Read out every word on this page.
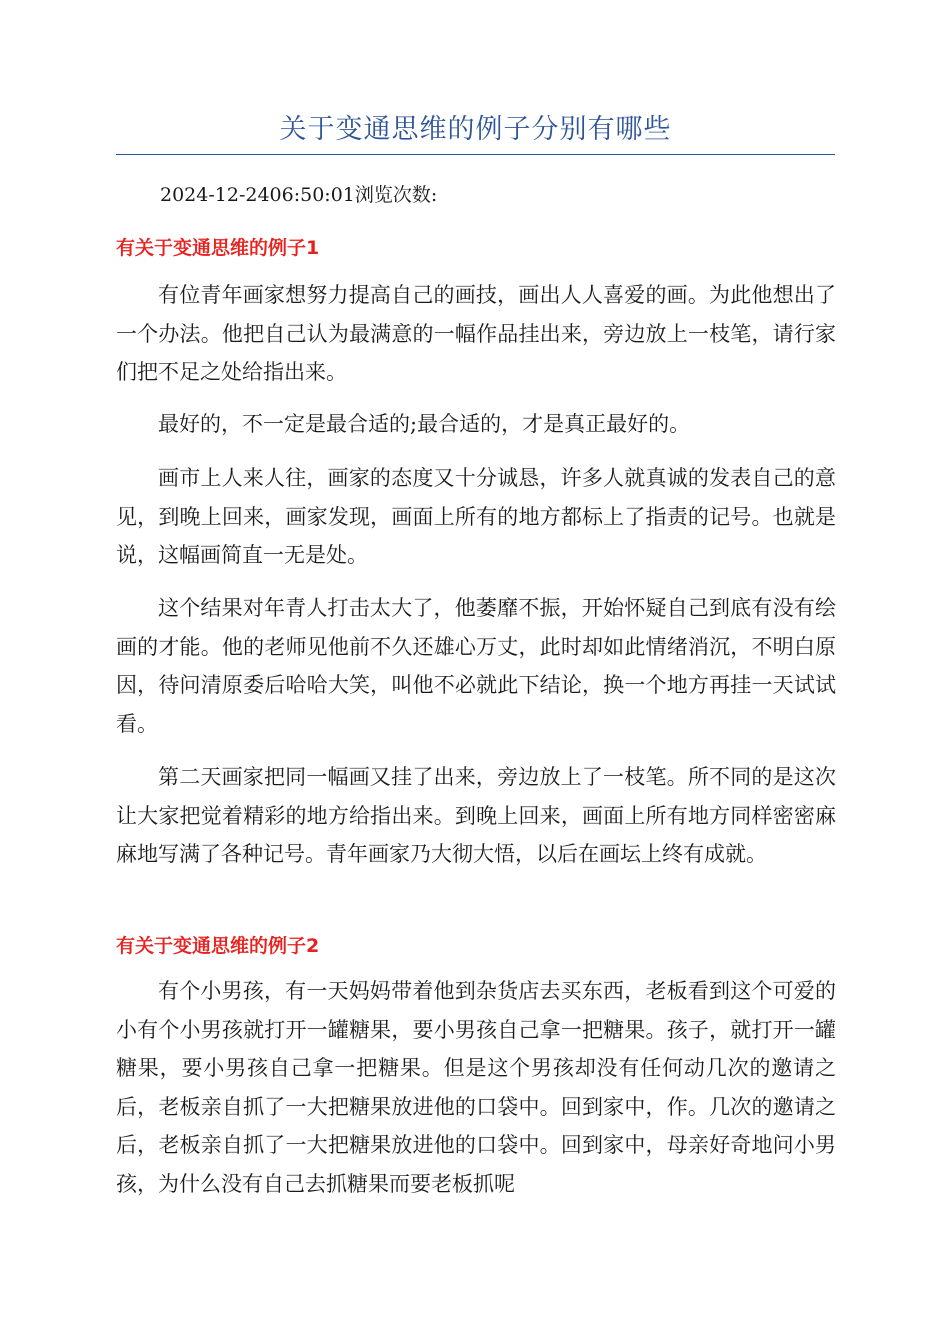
关于变通思维的例子分别有哪些
2024-12-2406:50:01浏览次数:
有关于变通思维的例子1

有位青年画家想努力提高自己的画技，画出人人喜爱的画。为此他想出了一个办法。他把自己认为最满意的一幅作品挂出来，旁边放上一枝笔，请行家们把不足之处给指出来。

最好的，不一定是最合适的;最合适的，才是真正最好的。

画市上人来人往，画家的态度又十分诚恳，许多人就真诚的发表自己的意见，到晚上回来，画家发现，画面上所有的地方都标上了指责的记号。也就是说，这幅画简直一无是处。

这个结果对年青人打击太大了，他萎靡不振，开始怀疑自己到底有没有绘画的才能。他的老师见他前不久还雄心万丈，此时却如此情绪消沉，不明白原因，待问清原委后哈哈大笑，叫他不必就此下结论，换一个地方再挂一天试试看。

第二天画家把同一幅画又挂了出来，旁边放上了一枝笔。所不同的是这次让大家把觉着精彩的地方给指出来。到晚上回来，画面上所有地方同样密密麻麻地写满了各种记号。青年画家乃大彻大悟，以后在画坛上终有成就。

有关于变通思维的例子2

有个小男孩，有一天妈妈带着他到杂货店去买东西，老板看到这个可爱的小有个小男孩就打开一罐糖果，要小男孩自己拿一把糖果。孩子，就打开一罐糖果，要小男孩自己拿一把糖果。但是这个男孩却没有任何动几次的邀请之后，老板亲自抓了一大把糖果放进他的口袋中。回到家中，作。几次的邀请之后，老板亲自抓了一大把糖果放进他的口袋中。回到家中，母亲好奇地问小男孩，为什么没有自己去抓糖果而要老板抓呢
